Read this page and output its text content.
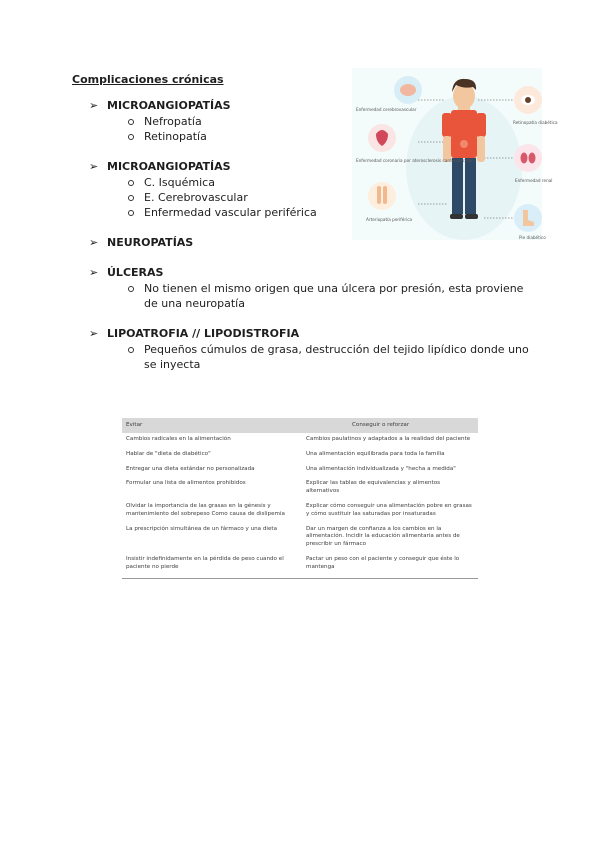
Complicaciones crónicas
➢ MICROANGIOPATÍAS
Nefropatía
Retinopatía
➢ MICROANGIOPATÍAS
C. Isquémica
E. Cerebrovascular
Enfermedad vascular periférica
➢ NEUROPATÍAS
➢ ÚLCERAS
No tienen el mismo origen que una úlcera por presión, esta proviene de una neuropatía
➢ LIPOATROFIA // LIPODISTROFIA
Pequeños cúmulos de grasa, destrucción del tejido lipídico donde uno se inyecta
Enfermedad cerebrovascular
Enfermedad coronaria por aterosclerosis cardiovascular
Arteriopatía periférica
Retinopatía diabética
Enfermedad renal
Pie diabético
Evitar	Conseguir o reforzar
Cambios radicales en la alimentación	Cambios paulatinos y adaptados a la realidad del paciente
Hablar de "dieta de diabético"	Una alimentación equilibrada para toda la familia
Entregar una dieta estándar no personalizada	Una alimentación individualizada y "hecha a medida"
Formular una lista de alimentos prohibidos	Explicar las tablas de equivalencias y alimentos alternativos
Olvidar la importancia de las grasas en la génesis y mantenimiento del sobrepeso Como causa de dislipemia	Explicar cómo conseguir una alimentación pobre en grasas y cómo sustituir las saturadas por insaturadas
La prescripción simultánea de un fármaco y una dieta	Dar un margen de confianza a los cambios en la alimentación. Incidir la educación alimentaria antes de prescribir un fármaco
Insistir indefinidamente en la pérdida de peso cuando el paciente no pierde	Pactar un peso con el paciente y conseguir que éste lo mantenga
